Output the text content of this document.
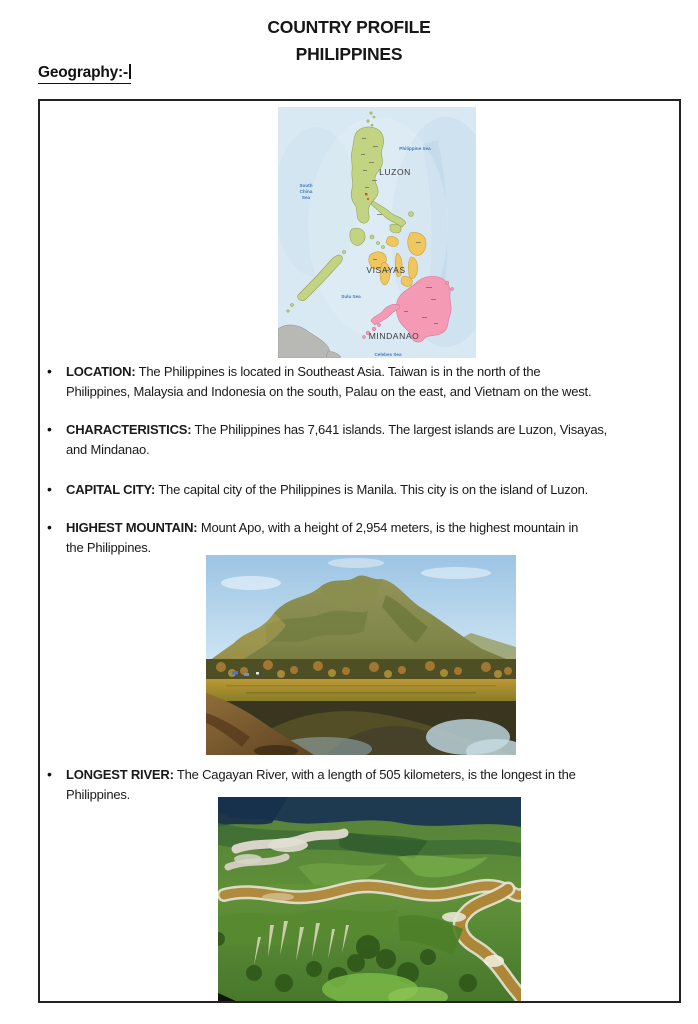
COUNTRY PROFILE
PHILIPPINES
Geography:-
LUZON
VISAYAS
MINDANAO
Philippine Sea
South China Sea
Sulu Sea
Celebes Sea
•	LOCATION: The Philippines is located in Southeast Asia. Taiwan is in the north of the
Philippines, Malaysia and Indonesia on the south, Palau on the east, and Vietnam on the west.
•	CHARACTERISTICS: The Philippines has 7,641 islands. The largest islands are Luzon, Visayas,
and Mindanao.
•	CAPITAL CITY: The capital city of the Philippines is Manila. This city is on the island of Luzon.
•	HIGHEST MOUNTAIN: Mount Apo, with a height of 2,954 meters, is the highest mountain in
the Philippines.
•	LONGEST RIVER: The Cagayan River, with a length of 505 kilometers, is the longest in the
Philippines.
